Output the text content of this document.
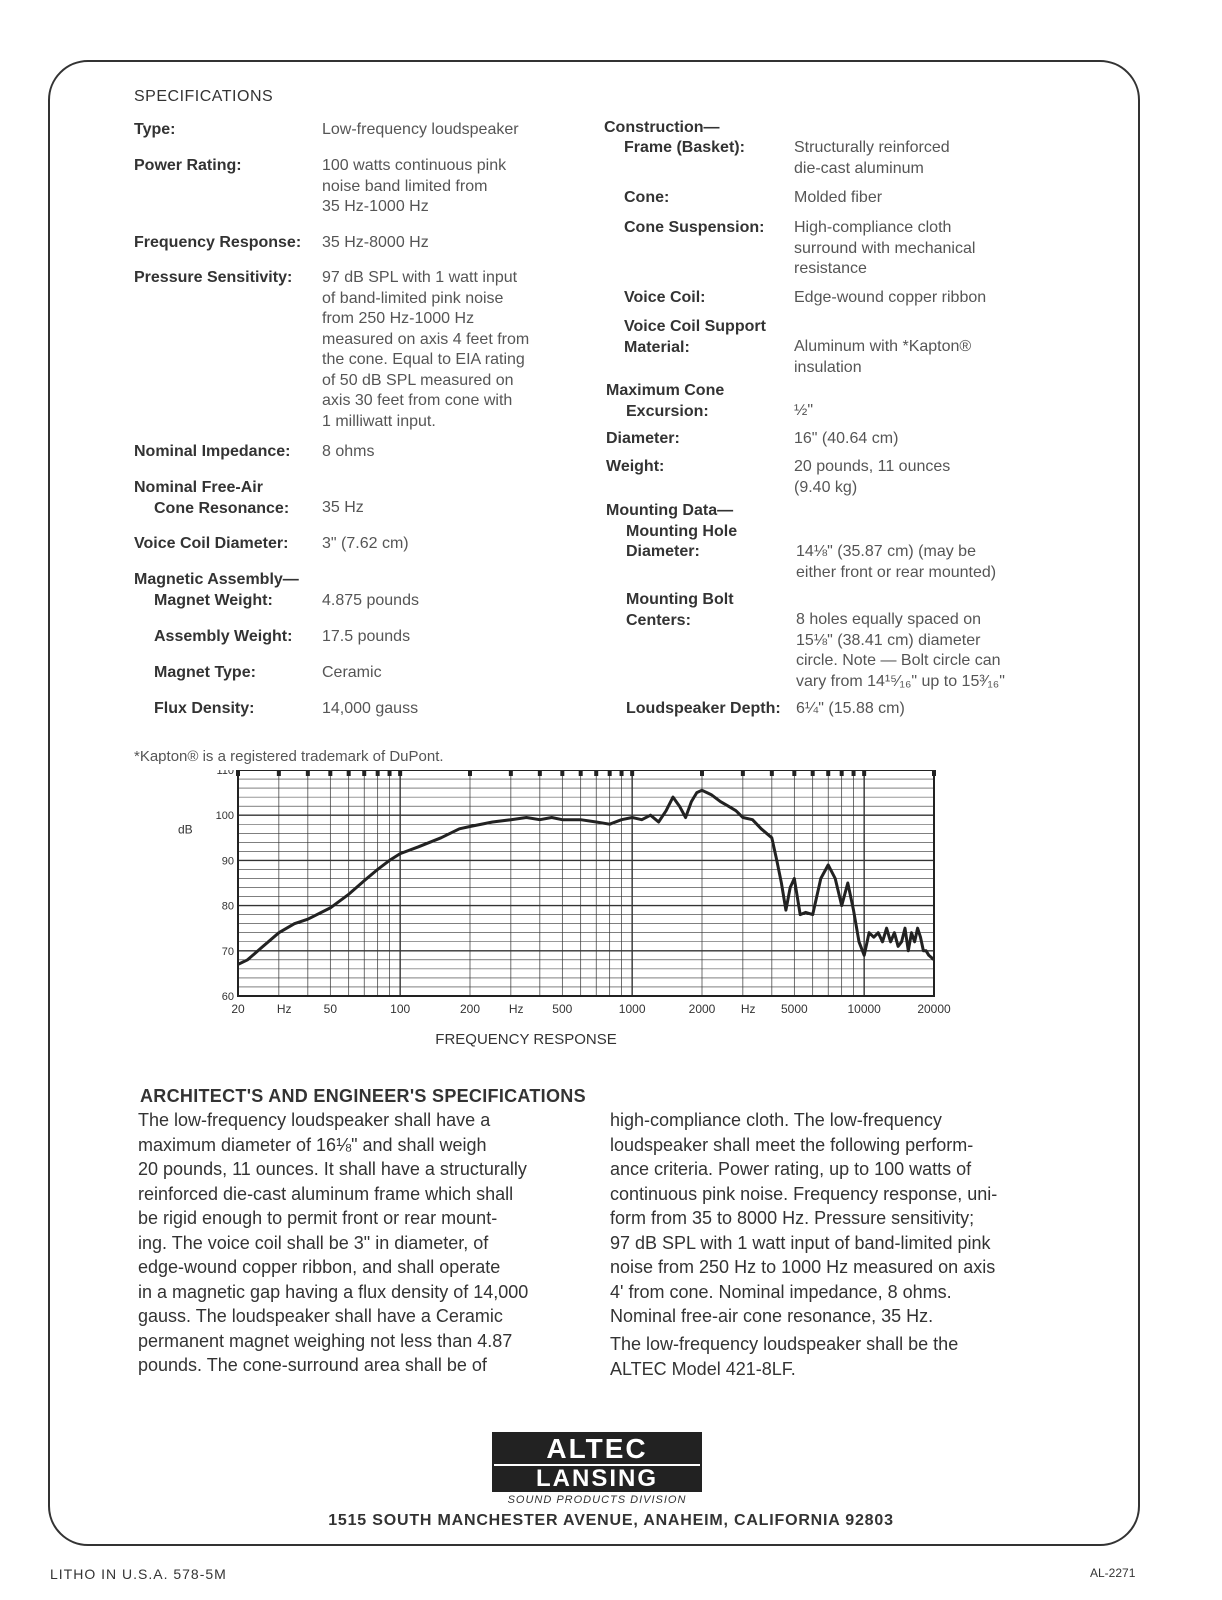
SPECIFICATIONS
Type:	Low-frequency loudspeaker
Power Rating:	100 watts continuous pink
noise band limited from
35 Hz-1000 Hz
Frequency Response: 35 Hz-8000 Hz
Pressure Sensitivity: 97 dB SPL with 1 watt input
of band-limited pink noise
from 250 Hz-1000 Hz
measured on axis 4 feet from
the cone. Equal to EIA rating
of 50 dB SPL measured on
axis 30 feet from cone with
1 milliwatt input.
Nominal Impedance: 8 ohms
Nominal Free-Air
Cone Resonance: 35 Hz
Voice Coil Diameter: 3" (7.62 cm)
Magnetic Assembly—
Magnet Weight:	4.875 pounds
Assembly Weight: 17.5 pounds
Magnet Type:	Ceramic
Flux Density:	14,000 gauss
Construction—
Frame (Basket):	Structurally reinforced
die-cast aluminum
Cone:	Molded fiber
Cone Suspension: High-compliance cloth
surround with mechanical
resistance
Voice Coil:	Edge-wound copper ribbon
Voice Coil Support
Material:	Aluminum with *Kapton®
insulation
Maximum Cone
Excursion:	½"
Diameter:	16" (40.64 cm)
Weight:	20 pounds, 11 ounces
(9.40 kg)
Mounting Data—
Mounting Hole
Diameter:	14⅛" (35.87 cm) (may be
either front or rear mounted)
Mounting Bolt
Centers:	8 holes equally spaced on
15⅛" (38.41 cm) diameter
circle. Note — Bolt circle can
vary from 14¹⁵⁄₁₆" up to 15³⁄₁₆"
Loudspeaker Depth: 6¼" (15.88 cm)
*Kapton® is a registered trademark of DuPont.
60
70
80
90
100
110
20	50	100	200	500	1000	2000	5000	10000	20000
Hz	Hz	Hz
dB
FREQUENCY RESPONSE
ARCHITECT'S AND ENGINEER'S SPECIFICATIONS
The low-frequency loudspeaker shall have a
maximum diameter of 16⅛" and shall weigh
20 pounds, 11 ounces. It shall have a structurally
reinforced die-cast aluminum frame which shall
be rigid enough to permit front or rear mount-
ing. The voice coil shall be 3" in diameter, of
edge-wound copper ribbon, and shall operate
in a magnetic gap having a flux density of 14,000
gauss. The loudspeaker shall have a Ceramic
permanent magnet weighing not less than 4.87
pounds. The cone-surround area shall be of
high-compliance cloth. The low-frequency
loudspeaker shall meet the following perform-
ance criteria. Power rating, up to 100 watts of
continuous pink noise. Frequency response, uni-
form from 35 to 8000 Hz. Pressure sensitivity;
97 dB SPL with 1 watt input of band-limited pink
noise from 250 Hz to 1000 Hz measured on axis
4' from cone. Nominal impedance, 8 ohms.
Nominal free-air cone resonance, 35 Hz.
The low-frequency loudspeaker shall be the
ALTEC Model 421-8LF.
ALTEC
LANSING
SOUND PRODUCTS DIVISION
1515 SOUTH MANCHESTER AVENUE, ANAHEIM, CALIFORNIA 92803
LITHO IN U.S.A. 578-5M	AL-2271
